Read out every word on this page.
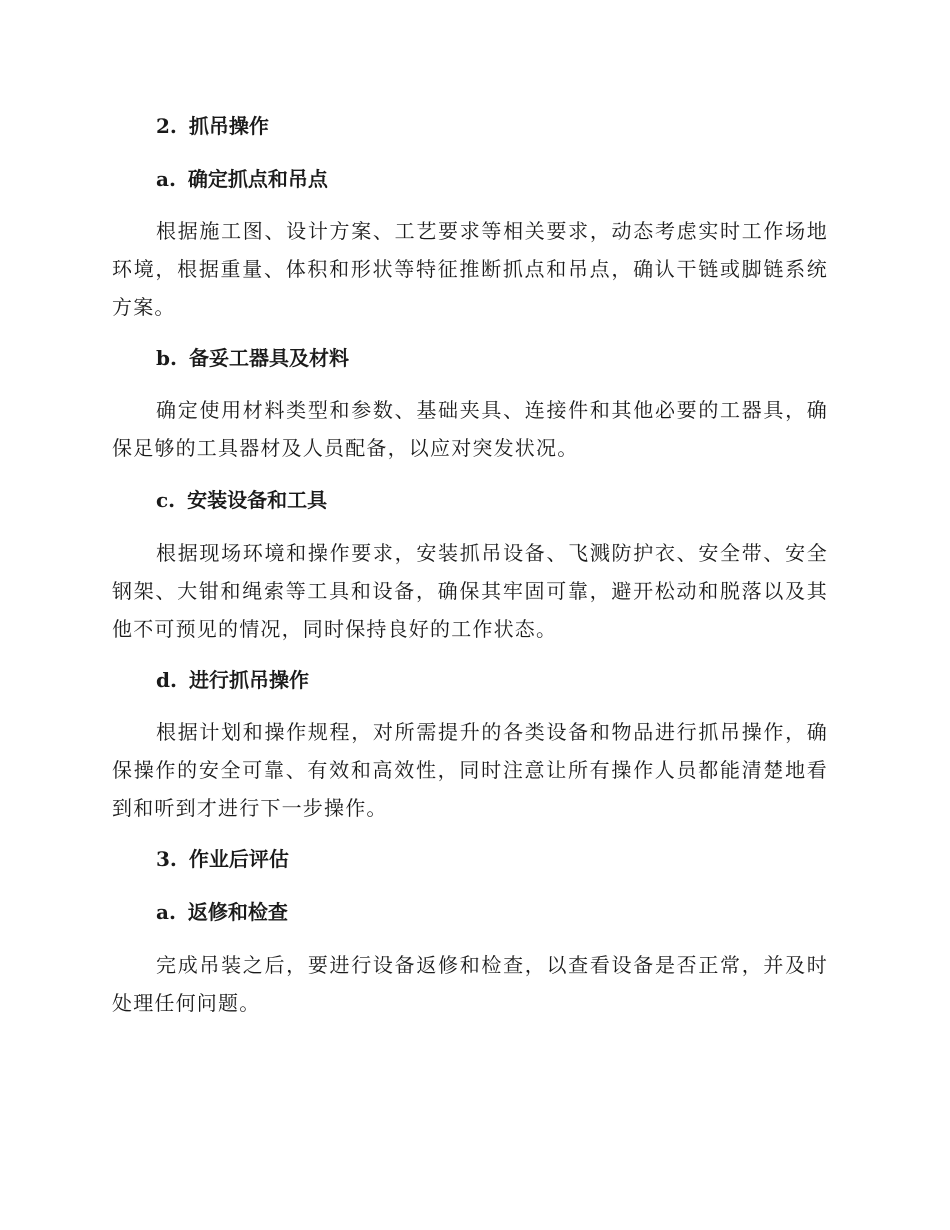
2. 抓吊操作
a. 确定抓点和吊点

根据施工图、设计方案、工艺要求等相关要求，动态考虑实时工作场地环境，根据重量、体积和形状等特征推断抓点和吊点，确认干链或脚链系统方案。

b. 备妥工器具及材料

确定使用材料类型和参数、基础夹具、连接件和其他必要的工器具，确保足够的工具器材及人员配备，以应对突发状况。

c. 安装设备和工具

根据现场环境和操作要求，安装抓吊设备、飞溅防护衣、安全带、安全钢架、大钳和绳索等工具和设备，确保其牢固可靠，避开松动和脱落以及其他不可预见的情况，同时保持良好的工作状态。

d. 进行抓吊操作

根据计划和操作规程，对所需提升的各类设备和物品进行抓吊操作，确保操作的安全可靠、有效和高效性，同时注意让所有操作人员都能清楚地看到和听到才进行下一步操作。

3. 作业后评估
a. 返修和检查

完成吊装之后，要进行设备返修和检查，以查看设备是否正常，并及时处理任何问题。
